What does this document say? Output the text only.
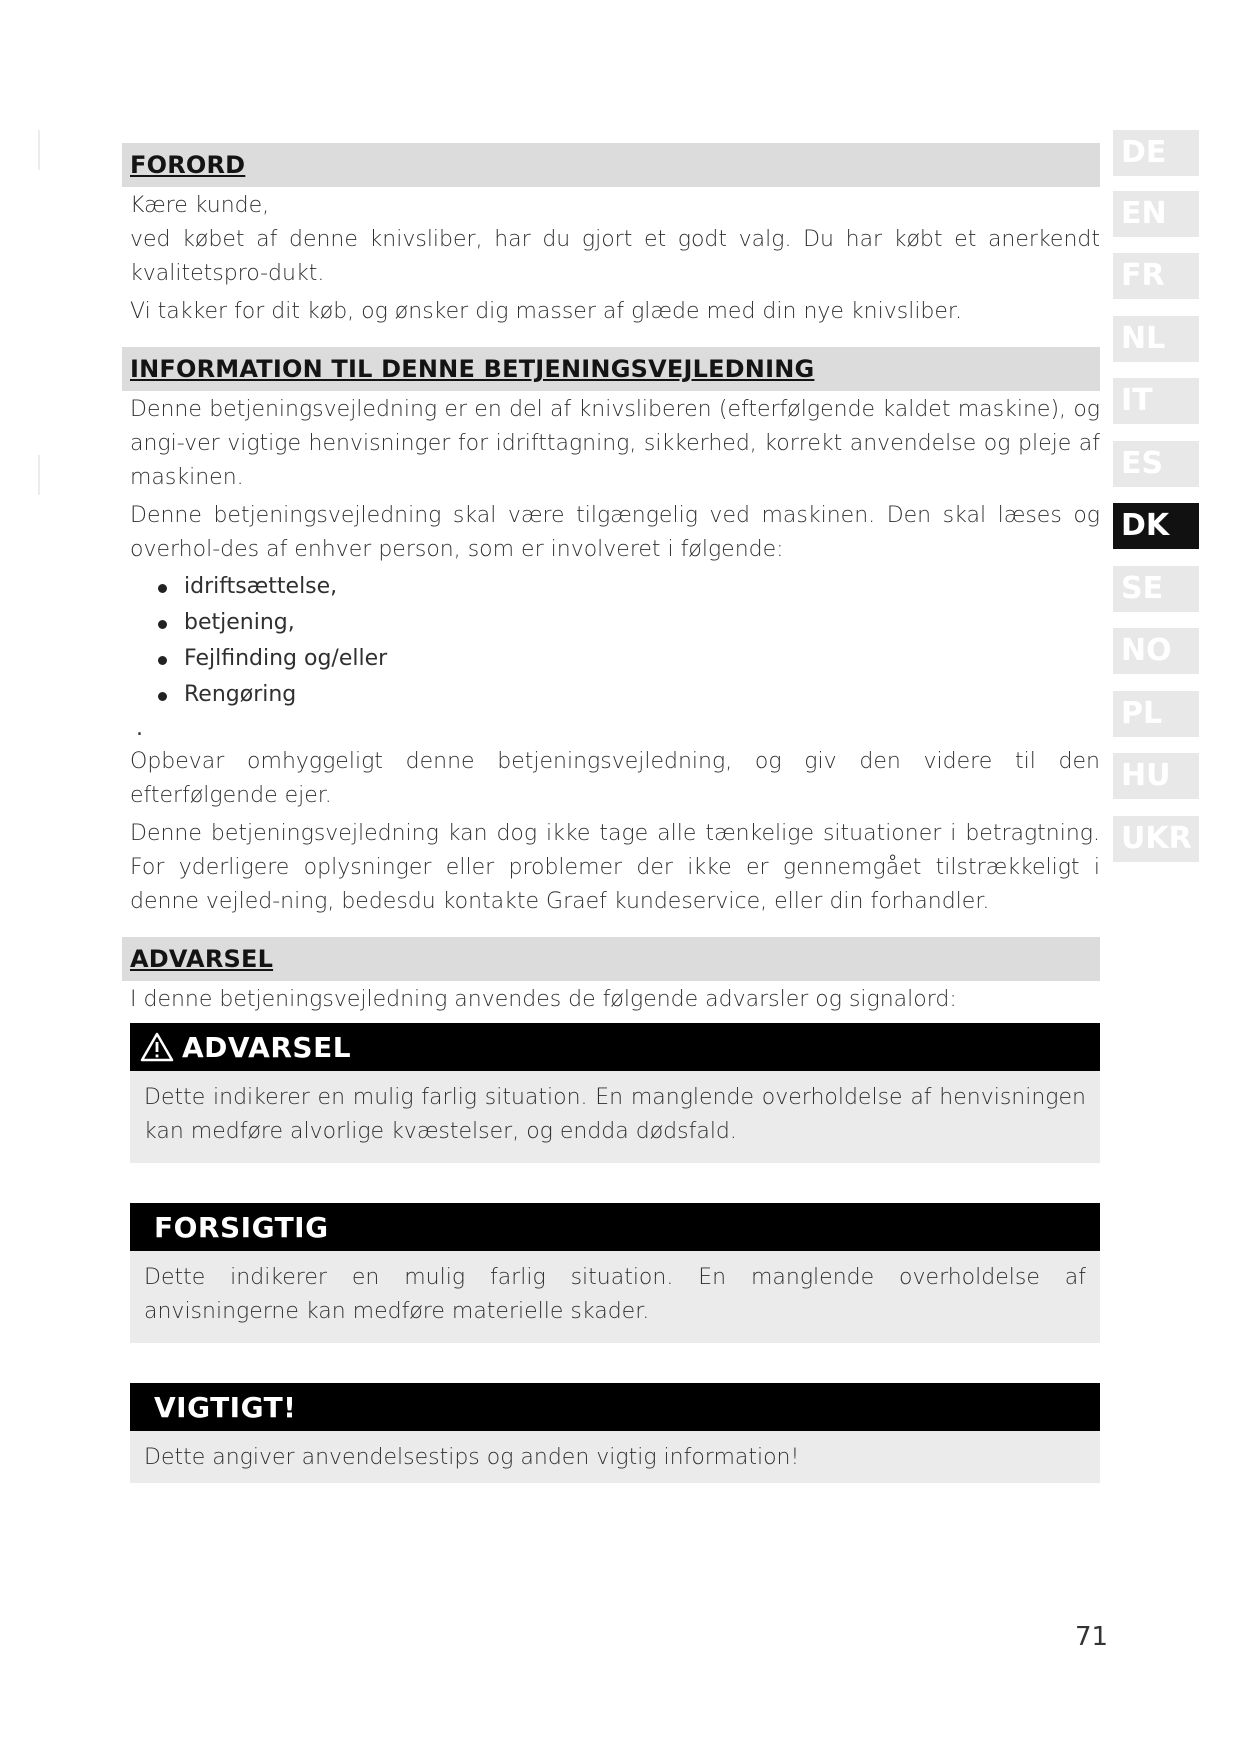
DE
EN
FR
NL
IT
ES
DK
SE
NO
PL
HU
UKR
FORORD

Kære kunde,

ved købet af denne knivsliber, har du gjort et godt valg. Du har købt et anerkendt kvalitetspro-dukt.

Vi takker for dit køb, og ønsker dig masser af glæde med din nye knivsliber.

INFORMATION TIL DENNE BETJENINGSVEJLEDNING

Denne betjeningsvejledning er en del af knivsliberen (efterfølgende kaldet maskine), og angi-ver vigtige henvisninger for idrifttagning, sikkerhed, korrekt anvendelse og pleje af maskinen.

Denne betjeningsvejledning skal være tilgængelig ved maskinen. Den skal læses og overhol-des af enhver person, som er involveret i følgende:

idriftsættelse,
betjening,
Fejlfinding og/eller
Rengøring
.

Opbevar omhyggeligt denne betjeningsvejledning, og giv den videre til den efterfølgende ejer.

Denne betjeningsvejledning kan dog ikke tage alle tænkelige situationer i betragtning. For yderligere oplysninger eller problemer der ikke er gennemgået tilstrækkeligt i denne vejled-ning, bedesdu kontakte Graef kundeservice, eller din forhandler.

ADVARSEL

I denne betjeningsvejledning anvendes de følgende advarsler og signalord:

ADVARSEL

Dette indikerer en mulig farlig situation. En manglende overholdelse af henvisningen kan medføre alvorlige kvæstelser, og endda dødsfald.

FORSIGTIG

Dette indikerer en mulig farlig situation. En manglende overholdelse af anvisningerne kan medføre materielle skader.

VIGTIGT!

Dette angiver anvendelsestips og anden vigtig information!

71
